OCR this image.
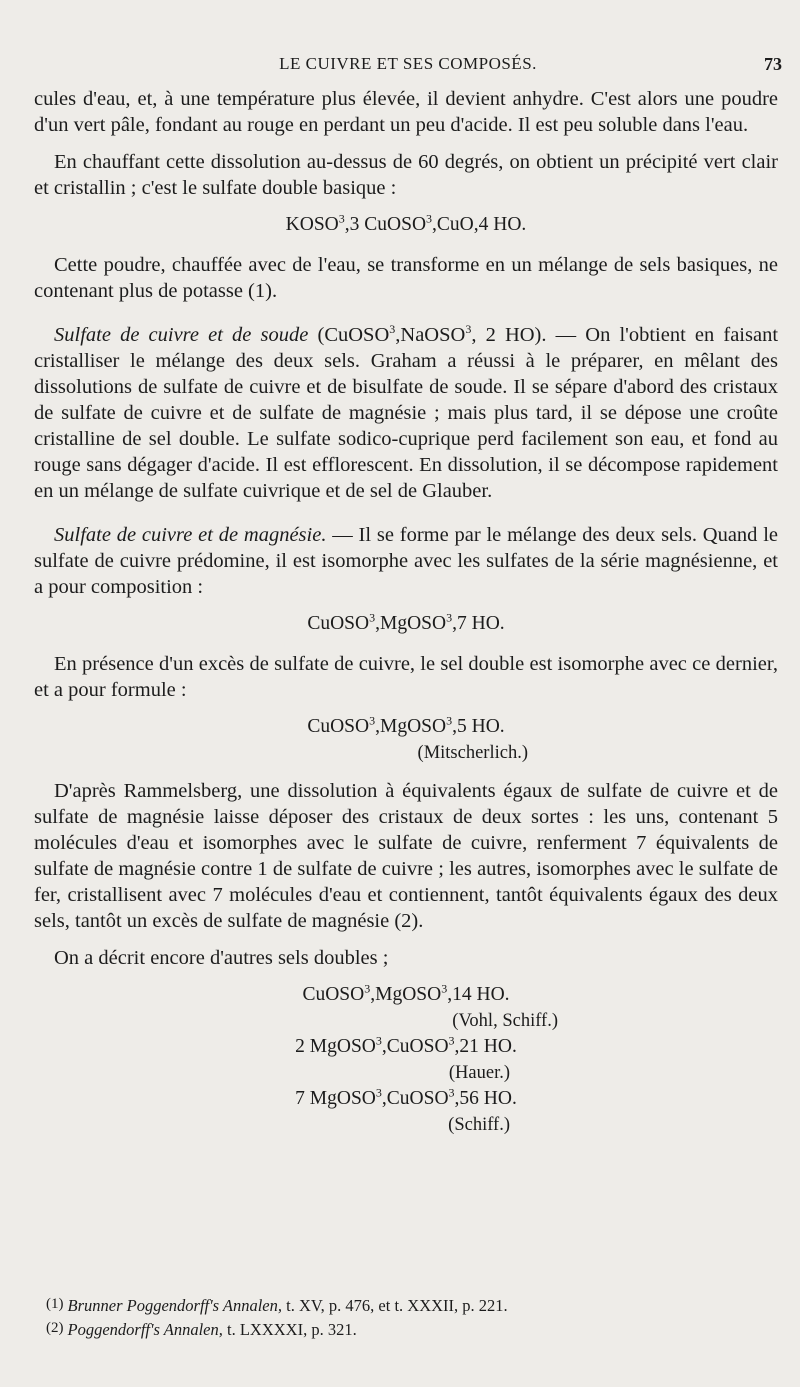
LE CUIVRE ET SES COMPOSÉS.	73

cules d'eau, et, à une température plus élevée, il devient anhydre. C'est alors une poudre d'un vert pâle, fondant au rouge en perdant un peu d'acide. Il est peu soluble dans l'eau.

En chauffant cette dissolution au-dessus de 60 degrés, on obtient un précipité vert clair et cristallin ; c'est le sulfate double basique :

KOSO$^3$,3 CuOSO$^3$,CuO,4 HO.

Cette poudre, chauffée avec de l'eau, se transforme en un mélange de sels basiques, ne contenant plus de potasse (1).

Sulfate de cuivre et de soude (CuOSO$^3$,NaOSO$^3$, 2 HO). — On l'obtient en faisant cristalliser le mélange des deux sels. Graham a réussi à le préparer, en mêlant des dissolutions de sulfate de cuivre et de bisulfate de soude. Il se sépare d'abord des cristaux de sulfate de cuivre et de sulfate de magnésie ; mais plus tard, il se dépose une croûte cristalline de sel double. Le sulfate sodico-cuprique perd facilement son eau, et fond au rouge sans dégager d'acide. Il est efflorescent. En dissolution, il se décompose rapidement en un mélange de sulfate cuivrique et de sel de Glauber.

Sulfate de cuivre et de magnésie. — Il se forme par le mélange des deux sels. Quand le sulfate de cuivre prédomine, il est isomorphe avec les sulfates de la série magnésienne, et a pour composition :

CuOSO$^3$,MgOSO$^3$,7 HO.

En présence d'un excès de sulfate de cuivre, le sel double est isomorphe avec ce dernier, et a pour formule :

CuOSO$^3$,MgOSO$^3$,5 HO.
(Mitscherlich.)

D'après Rammelsberg, une dissolution à équivalents égaux de sulfate de cuivre et de sulfate de magnésie laisse déposer des cristaux de deux sortes : les uns, contenant 5 molécules d'eau et isomorphes avec le sulfate de cuivre, renferment 7 équivalents de sulfate de magnésie contre 1 de sulfate de cuivre ; les autres, isomorphes avec le sulfate de fer, cristallisent avec 7 molécules d'eau et contiennent, tantôt équivalents égaux des deux sels, tantôt un excès de sulfate de magnésie (2).

On a décrit encore d'autres sels doubles ;

CuOSO$^3$,MgOSO$^3$,14 HO.
(Vohl, Schiff.)
2 MgOSO$^3$,CuOSO$^3$,21 HO.
(Hauer.)
7 MgOSO$^3$,CuOSO$^3$,56 HO.
(Schiff.)
(1) Brunner Poggendorff's Annalen, t. XV, p. 476, et t. XXXII, p. 221.
(2) Poggendorff's Annalen, t. LXXXXI, p. 321.
